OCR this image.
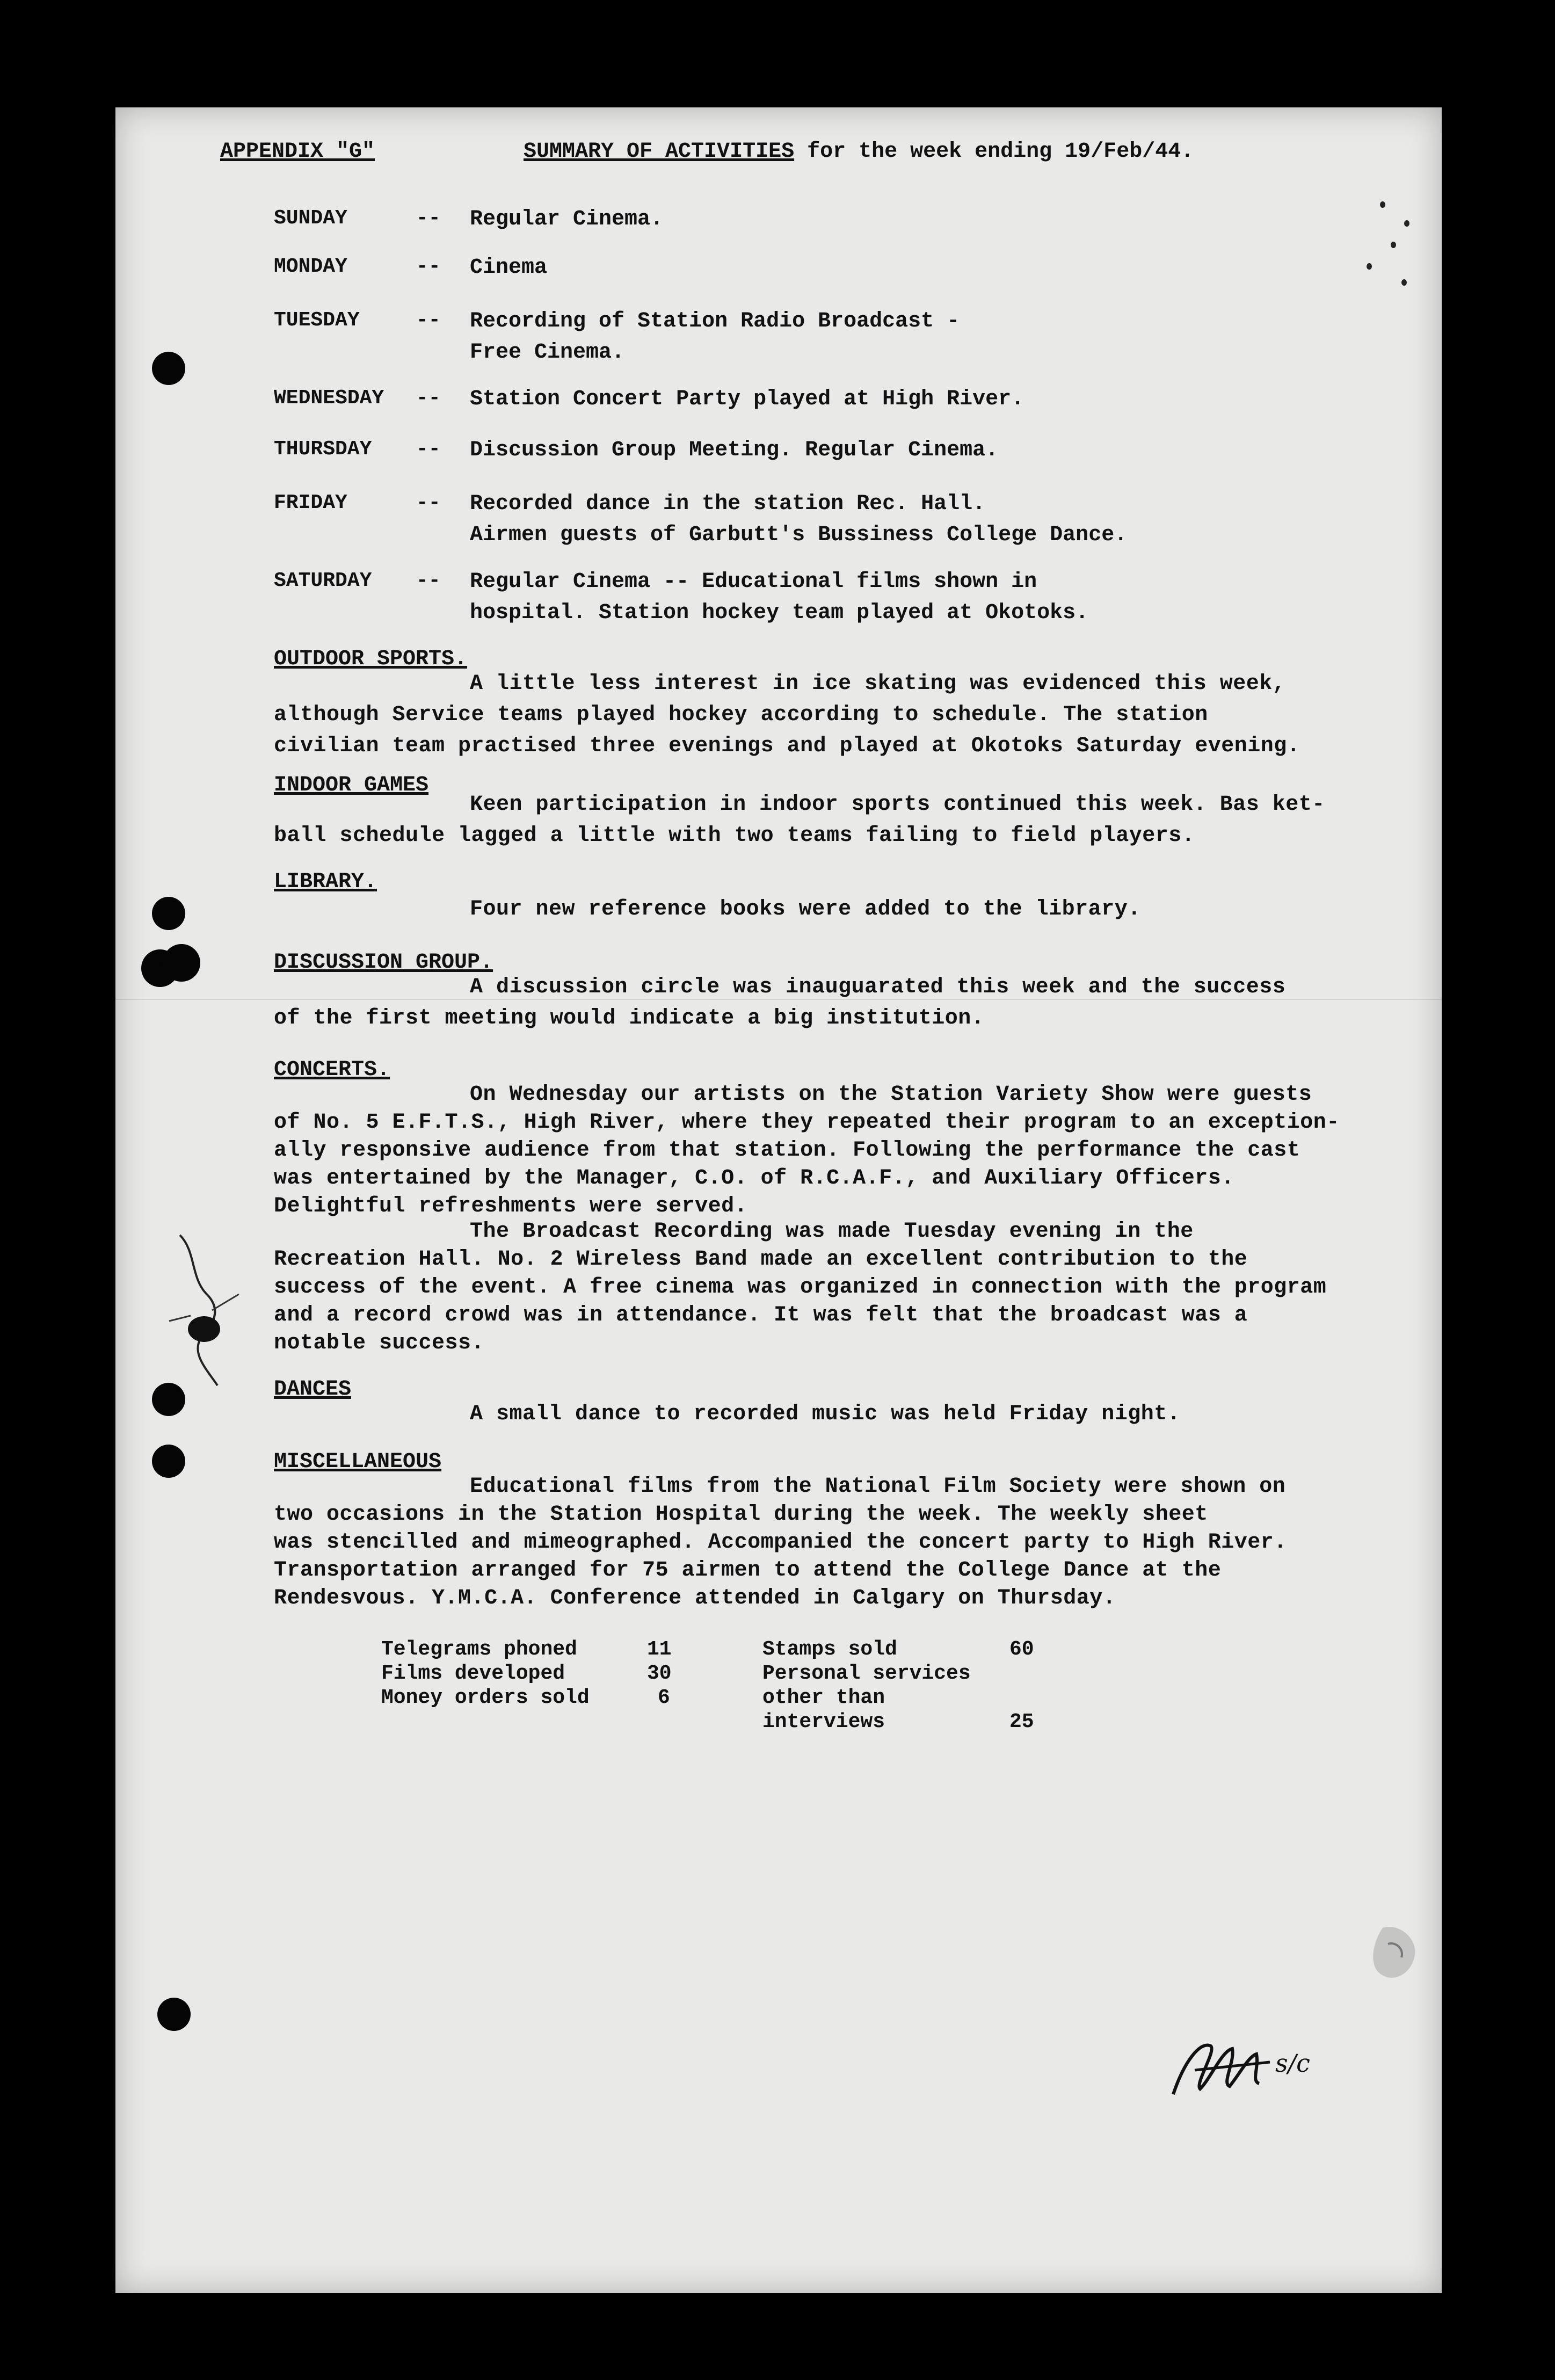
APPENDIX "G"	SUMMARY OF ACTIVITIES for the week ending 19/Feb/44.
SUNDAY	-- Regular Cinema.
MONDAY	-- Cinema
TUESDAY	-- Recording of Station Radio Broadcast -
Free Cinema.
WEDNESDAY -- Station Concert Party played at High River.
THURSDAY -- Discussion Group Meeting. Regular Cinema.
FRIDAY	-- Recorded dance in the station Rec. Hall.
Airmen guests of Garbutt's Bussiness College Dance.
SATURDAY -- Regular Cinema -- Educational films shown in
hospital. Station hockey team played at Okotoks.
OUTDOOR SPORTS.
A little less interest in ice skating was evidenced this week,
although Service teams played hockey according to schedule. The station
civilian team practised three evenings and played at Okotoks Saturday evening.
INDOOR GAMES
Keen participation in indoor sports continued this week. Bas ket-
ball schedule lagged a little with two teams failing to field players.
LIBRARY.
Four new reference books were added to the library.
DISCUSSION GROUP.
A discussion circle was inauguarated this week and the success
of the first meeting would indicate a big institution.
CONCERTS.
On Wednesday our artists on the Station Variety Show were guests
of No. 5 E.F.T.S., High River, where they repeated their program to an exception-
ally responsive audience from that station. Following the performance the cast
was entertained by the Manager, C.O. of R.C.A.F., and Auxiliary Officers.
Delightful refreshments were served.
The Broadcast Recording was made Tuesday evening in the
Recreation Hall. No. 2 Wireless Band made an excellent contribution to the
success of the event. A free cinema was organized in connection with the program
and a record crowd was in attendance. It was felt that the broadcast was a
notable success.
DANCES
A small dance to recorded music was held Friday night.
MISCELLANEOUS
Educational films from the National Film Society were shown on
two occasions in the Station Hospital during the week. The weekly sheet
was stencilled and mimeographed. Accompanied the concert party to High River.
Transportation arranged for 75 airmen to attend the College Dance at the
Rendesvous. Y.M.C.A. Conference attended in Calgary on Thursday.
Telegrams phoned	11
Films developed	30
Money orders sold	6
Stamps sold	60
Personal services
other than
interviews	25
s/c
